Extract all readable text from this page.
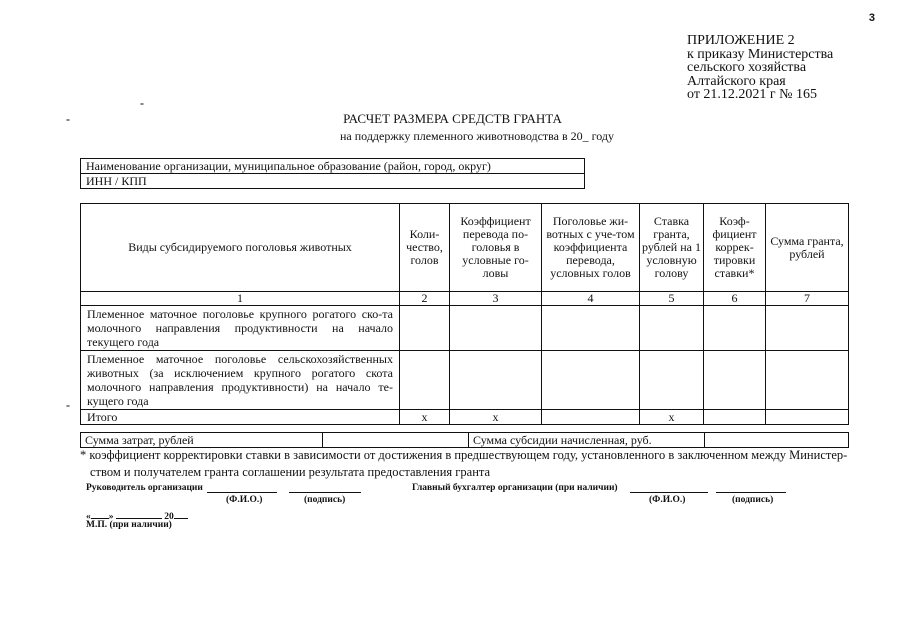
3
ПРИЛОЖЕНИЕ 2
к приказу Министерства
сельского хозяйства
Алтайского края
от 21.12.2021 г № 165
-
-
-
РАСЧЕТ РАЗМЕРА СРЕДСТВ ГРАНТА
на поддержку племенного животноводства в 20_ году
Наименование организации, муниципальное образование (район, город, округ)
ИНН / КПП
Виды субсидируемого поголовья животных	Коли-чество, голов	Коэффициент перевода по-головья в условные го-ловы	Поголовье жи-вотных с уче-том коэффициента перевода, условных голов	Ставка гранта, рублей на 1 условную голову	Коэф-фициент коррек-тировки ставки*	Сумма гранта, рублей
1	2	3	4	5	6	7
Племенное маточное поголовье крупного рогатого ско-та молочного направления продуктивности на начало текущего года						
Племенное маточное поголовье сельскохозяйственных животных (за исключением крупного рогатого скота молочного направления продуктивности) на начало те-кущего года						
Итого	х	х		х		
Сумма затрат, рублей		Сумма субсидии начисленная, руб.	
* коэффициент корректировки ставки в зависимости от достижения в предшествующем году, установленного в заключенном между Министер-
ством и получателем гранта соглашении результата предоставления гранта
Руководитель организации
(Ф.И.О.)	(подпись)
Главный бухгалтер организации (при наличии)
(Ф.И.О.)	(подпись)
« »	20
М.П. (при наличии)
